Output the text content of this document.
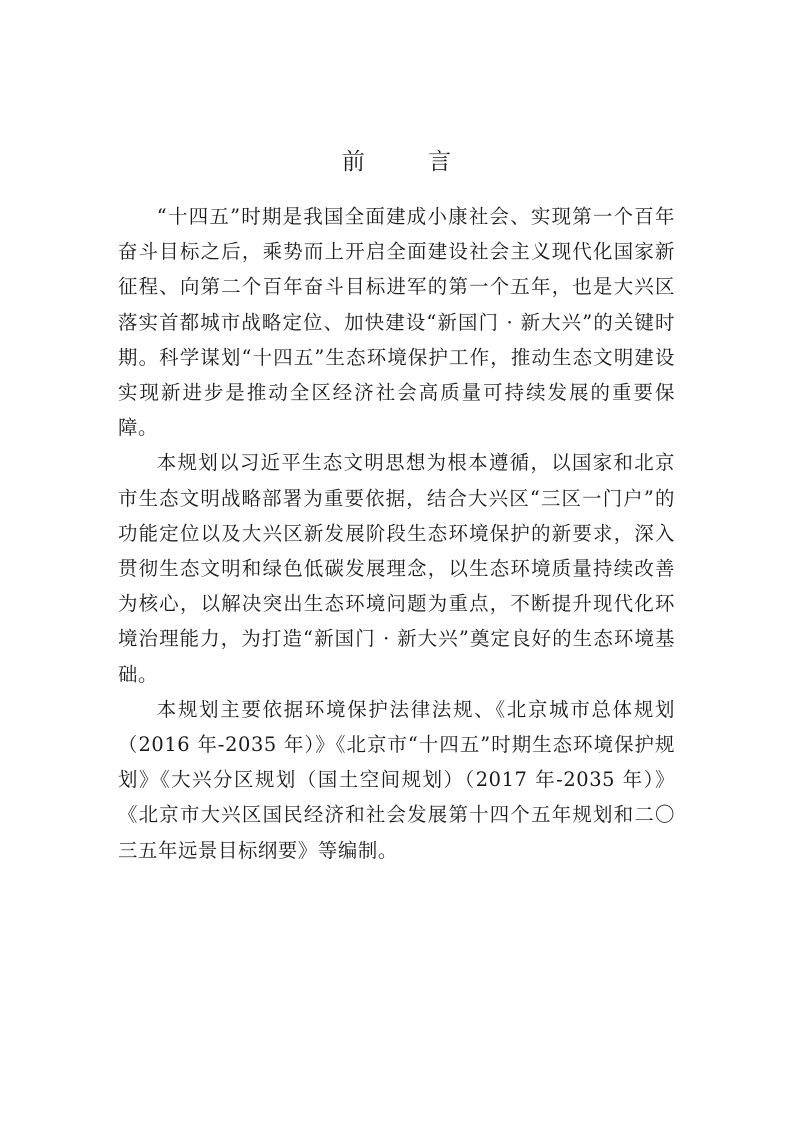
前 言

“十四五”时期是我国全面建成小康社会、实现第一个百年奋斗目标之后，乘势而上开启全面建设社会主义现代化国家新征程、向第二个百年奋斗目标进军的第一个五年，也是大兴区落实首都城市战略定位、加快建设“新国门 · 新大兴”的关键时期。科学谋划“十四五”生态环境保护工作，推动生态文明建设实现新进步是推动全区经济社会高质量可持续发展的重要保障。

本规划以习近平生态文明思想为根本遵循，以国家和北京市生态文明战略部署为重要依据，结合大兴区“三区一门户”的功能定位以及大兴区新发展阶段生态环境保护的新要求，深入贯彻生态文明和绿色低碳发展理念，以生态环境质量持续改善为核心，以解决突出生态环境问题为重点，不断提升现代化环境治理能力，为打造“新国门 · 新大兴”奠定良好的生态环境基础。

本规划主要依据环境保护法律法规、《北京城市总体规划（2016 年-2035 年）》《北京市“十四五”时期生态环境保护规划》《大兴分区规划（国土空间规划）（2017 年-2035 年）》《北京市大兴区国民经济和社会发展第十四个五年规划和二〇三五年远景目标纲要》等编制。
